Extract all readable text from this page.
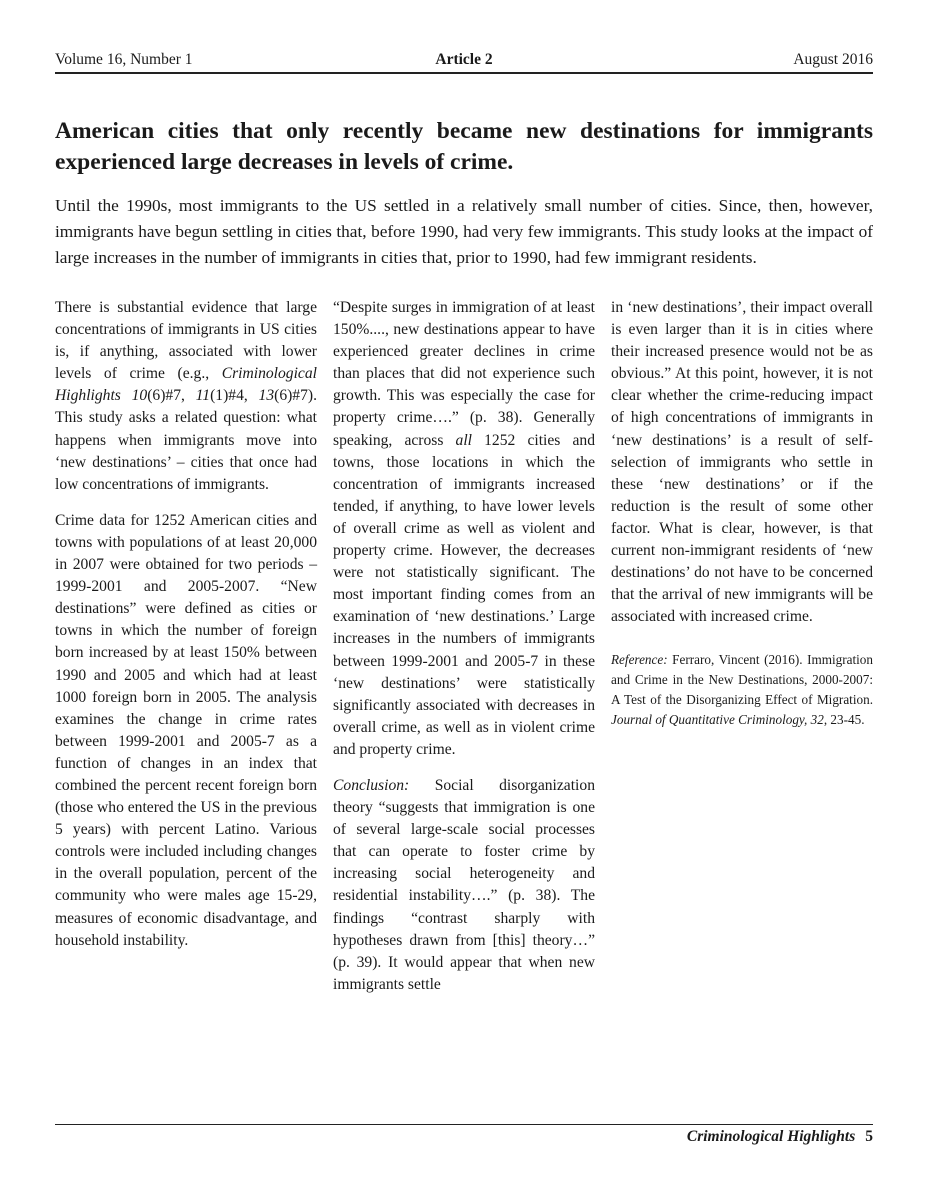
Volume 16, Number 1	Article 2	August 2016
American cities that only recently became new destinations for immigrants experienced large decreases in levels of crime.

Until the 1990s, most immigrants to the US settled in a relatively small number of cities. Since, then, however, immigrants have begun settling in cities that, before 1990, had very few immigrants. This study looks at the impact of large increases in the number of immigrants in cities that, prior to 1990, had few immigrant residents.

There is substantial evidence that large concentrations of immigrants in US cities is, if anything, associated with lower levels of crime (e.g., Criminological Highlights 10(6)#7, 11(1)#4, 13(6)#7). This study asks a related question: what happens when immigrants move into ‘new destinations’ – cities that once had low concentrations of immigrants.

Crime data for 1252 American cities and towns with populations of at least 20,000 in 2007 were obtained for two periods – 1999-2001 and 2005-2007. “New destinations” were defined as cities or towns in which the number of foreign born increased by at least 150% between 1990 and 2005 and which had at least 1000 foreign born in 2005. The analysis examines the change in crime rates between 1999-2001 and 2005-7 as a function of changes in an index that combined the percent recent foreign born (those who entered the US in the previous 5 years) with percent Latino. Various controls were included including changes in the overall population, percent of the community who were males age 15-29, measures of economic disadvantage, and household instability.

“Despite surges in immigration of at least 150%...., new destinations appear to have experienced greater declines in crime than places that did not experience such growth. This was especially the case for property crime….” (p. 38). Generally speaking, across all 1252 cities and towns, those locations in which the concentration of immigrants increased tended, if anything, to have lower levels of overall crime as well as violent and property crime. However, the decreases were not statistically significant. The most important finding comes from an examination of ‘new destinations.’ Large increases in the numbers of immigrants between 1999-2001 and 2005-7 in these ‘new destinations’ were statistically significantly associated with decreases in overall crime, as well as in violent crime and property crime.

Conclusion: Social disorganization theory “suggests that immigration is one of several large-scale social processes that can operate to foster crime by increasing social heterogeneity and residential instability….” (p. 38). The findings “contrast sharply with hypotheses drawn from [this] theory…” (p. 39). It would appear that when new immigrants settle

in ‘new destinations’, their impact overall is even larger than it is in cities where their increased presence would not be as obvious.” At this point, however, it is not clear whether the crime-reducing impact of high concentrations of immigrants in ‘new destinations’ is a result of self-selection of immigrants who settle in these ‘new destinations’ or if the reduction is the result of some other factor. What is clear, however, is that current non-immigrant residents of ‘new destinations’ do not have to be concerned that the arrival of new immigrants will be associated with increased crime.

Reference: Ferraro, Vincent (2016). Immigration and Crime in the New Destinations, 2000-2007: A Test of the Disorganizing Effect of Migration. Journal of Quantitative Criminology, 32, 23-45.

Criminological Highlights 5
